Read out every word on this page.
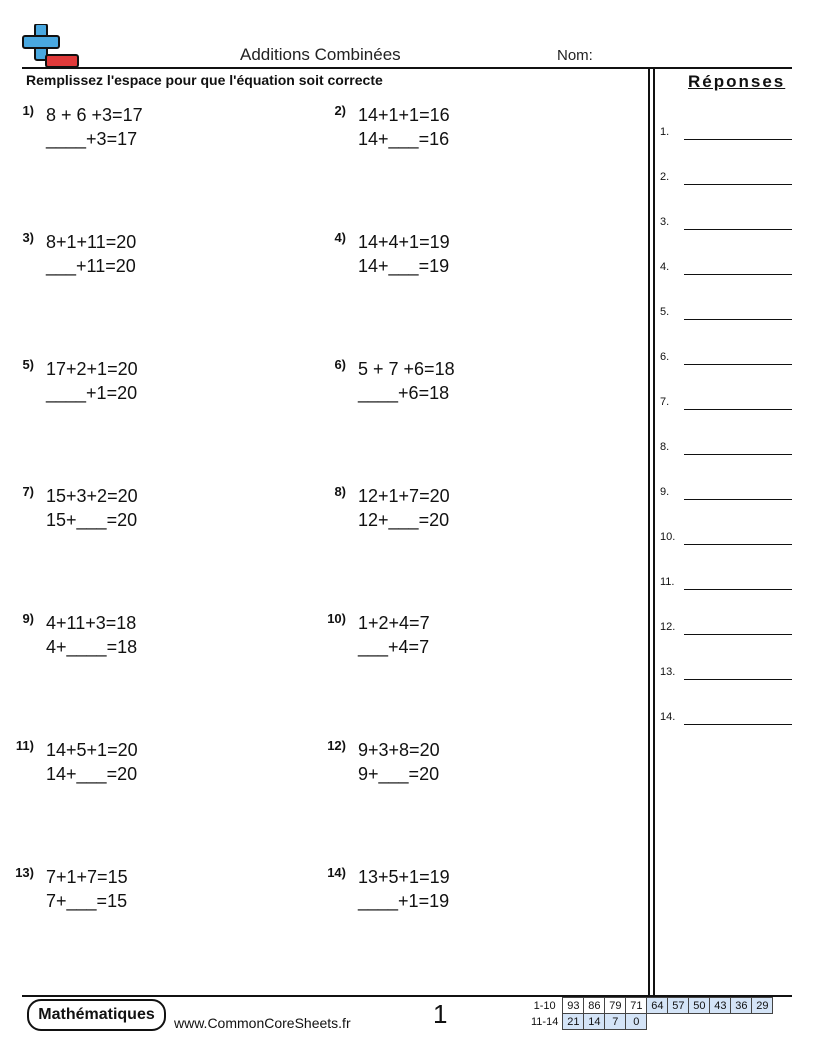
Additions Combinées	Nom:
Remplissez l'espace pour que l'équation soit correcte
1) 8 + 6 +3=17
____+3=17
2) 14+1+1=16
14+___=16
3) 8+1+11=20
___+11=20
4) 14+4+1=19
14+___=19
5) 17+2+1=20
____+1=20
6) 5 + 7 +6=18
____+6=18
7) 15+3+2=20
15+___=20
8) 12+1+7=20
12+___=20
9) 4+11+3=18
4+____=18
10) 1+2+4=7
___+4=7
11) 14+5+1=20
14+___=20
12) 9+3+8=20
9+___=20
13) 7+1+7=15
7+___=15
14) 13+5+1=19
____+1=19
Réponses
1.
2.
3.
4.
5.
6.
7.
8.
9.
10.
11.
12.
13.
14.
Mathématiques	www.CommonCoreSheets.fr	1	1-10	93	86	79	71	64	57	50	43	36	29
11-14	21	14	7	0						
